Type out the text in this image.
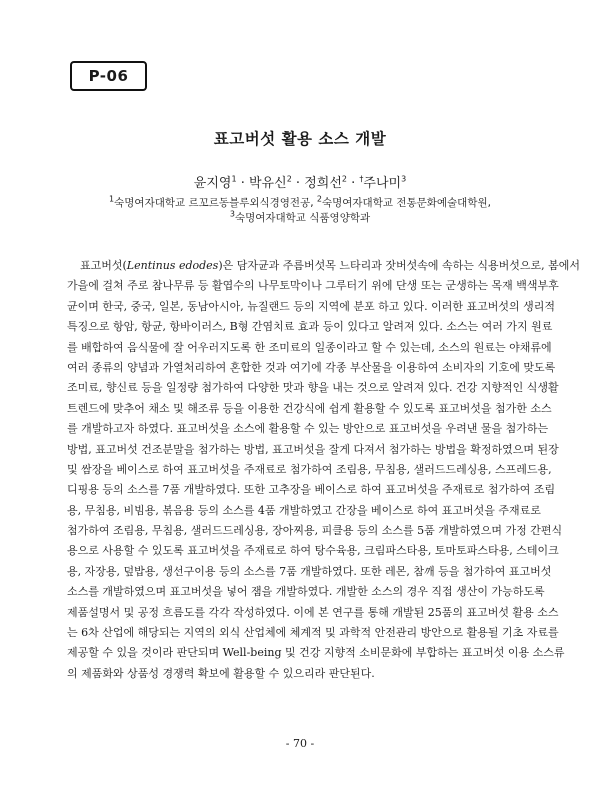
P-06
표고버섯 활용 소스 개발
윤지영$^1$ · 박유신$^2$ · 정희선$^2$ · †주나미$^3$
$^1$숙명여자대학교 르꼬르동블루외식경영전공, $^2$숙명여자대학교 전통문화예술대학원,
$^3$숙명여자대학교 식품영양학과
표고버섯(Lentinus edodes)은 담자균과 주름버섯목 느타리과 잣버섯속에 속하는 식용버섯으로, 봄에서
가을에 걸쳐 주로 참나무류 등 활엽수의 나무토막이나 그루터기 위에 단생 또는 군생하는 목재 백색부후
균이며 한국, 중국, 일본, 동남아시아, 뉴질랜드 등의 지역에 분포 하고 있다. 이러한 표고버섯의 생리적
특징으로 항암, 항균, 항바이러스, B형 간염치료 효과 등이 있다고 알려져 있다. 소스는 여러 가지 원료
를 배합하여 음식물에 잘 어우러지도록 한 조미료의 일종이라고 할 수 있는데, 소스의 원료는 야채류에
여러 종류의 양념과 가열처리하여 혼합한 것과 여기에 각종 부산물을 이용하여 소비자의 기호에 맞도록
조미료, 향신료 등을 일정량 첨가하여 다양한 맛과 향을 내는 것으로 알려져 있다. 건강 지향적인 식생활
트렌드에 맞추어 채소 및 해조류 등을 이용한 건강식에 쉽게 활용할 수 있도록 표고버섯을 첨가한 소스
를 개발하고자 하였다. 표고버섯을 소스에 활용할 수 있는 방안으로 표고버섯을 우려낸 물을 첨가하는
방법, 표고버섯 건조분말을 첨가하는 방법, 표고버섯을 잘게 다져서 첨가하는 방법을 확정하였으며 된장
및 쌈장을 베이스로 하여 표고버섯을 주재료로 첨가하여 조림용, 무침용, 샐러드드레싱용, 스프레드용,
디핑용 등의 소스를 7품 개발하였다. 또한 고추장을 베이스로 하여 표고버섯을 주재료로 첨가하여 조림
용, 무침용, 비빔용, 볶음용 등의 소스를 4품 개발하였고 간장을 베이스로 하여 표고버섯을 주재료로
첨가하여 조림용, 무침용, 샐러드드레싱용, 장아찌용, 피클용 등의 소스를 5품 개발하였으며 가정 간편식
용으로 사용할 수 있도록 표고버섯을 주재료로 하여 탕수육용, 크림파스타용, 토마토파스타용, 스테이크
용, 자장용, 덮밥용, 생선구이용 등의 소스를 7품 개발하였다. 또한 레몬, 참깨 등을 첨가하여 표고버섯
소스를 개발하였으며 표고버섯을 넣어 잼을 개발하였다. 개발한 소스의 경우 직접 생산이 가능하도록
제품설명서 및 공정 흐름도를 각각 작성하였다. 이에 본 연구를 통해 개발된 25품의 표고버섯 활용 소스
는 6차 산업에 해당되는 지역의 외식 산업체에 체계적 및 과학적 안전관리 방안으로 활용될 기초 자료를
제공할 수 있을 것이라 판단되며 Well-being 및 건강 지향적 소비문화에 부합하는 표고버섯 이용 소스류
의 제품화와 상품성 경쟁력 확보에 활용할 수 있으리라 판단된다.
- 70 -
